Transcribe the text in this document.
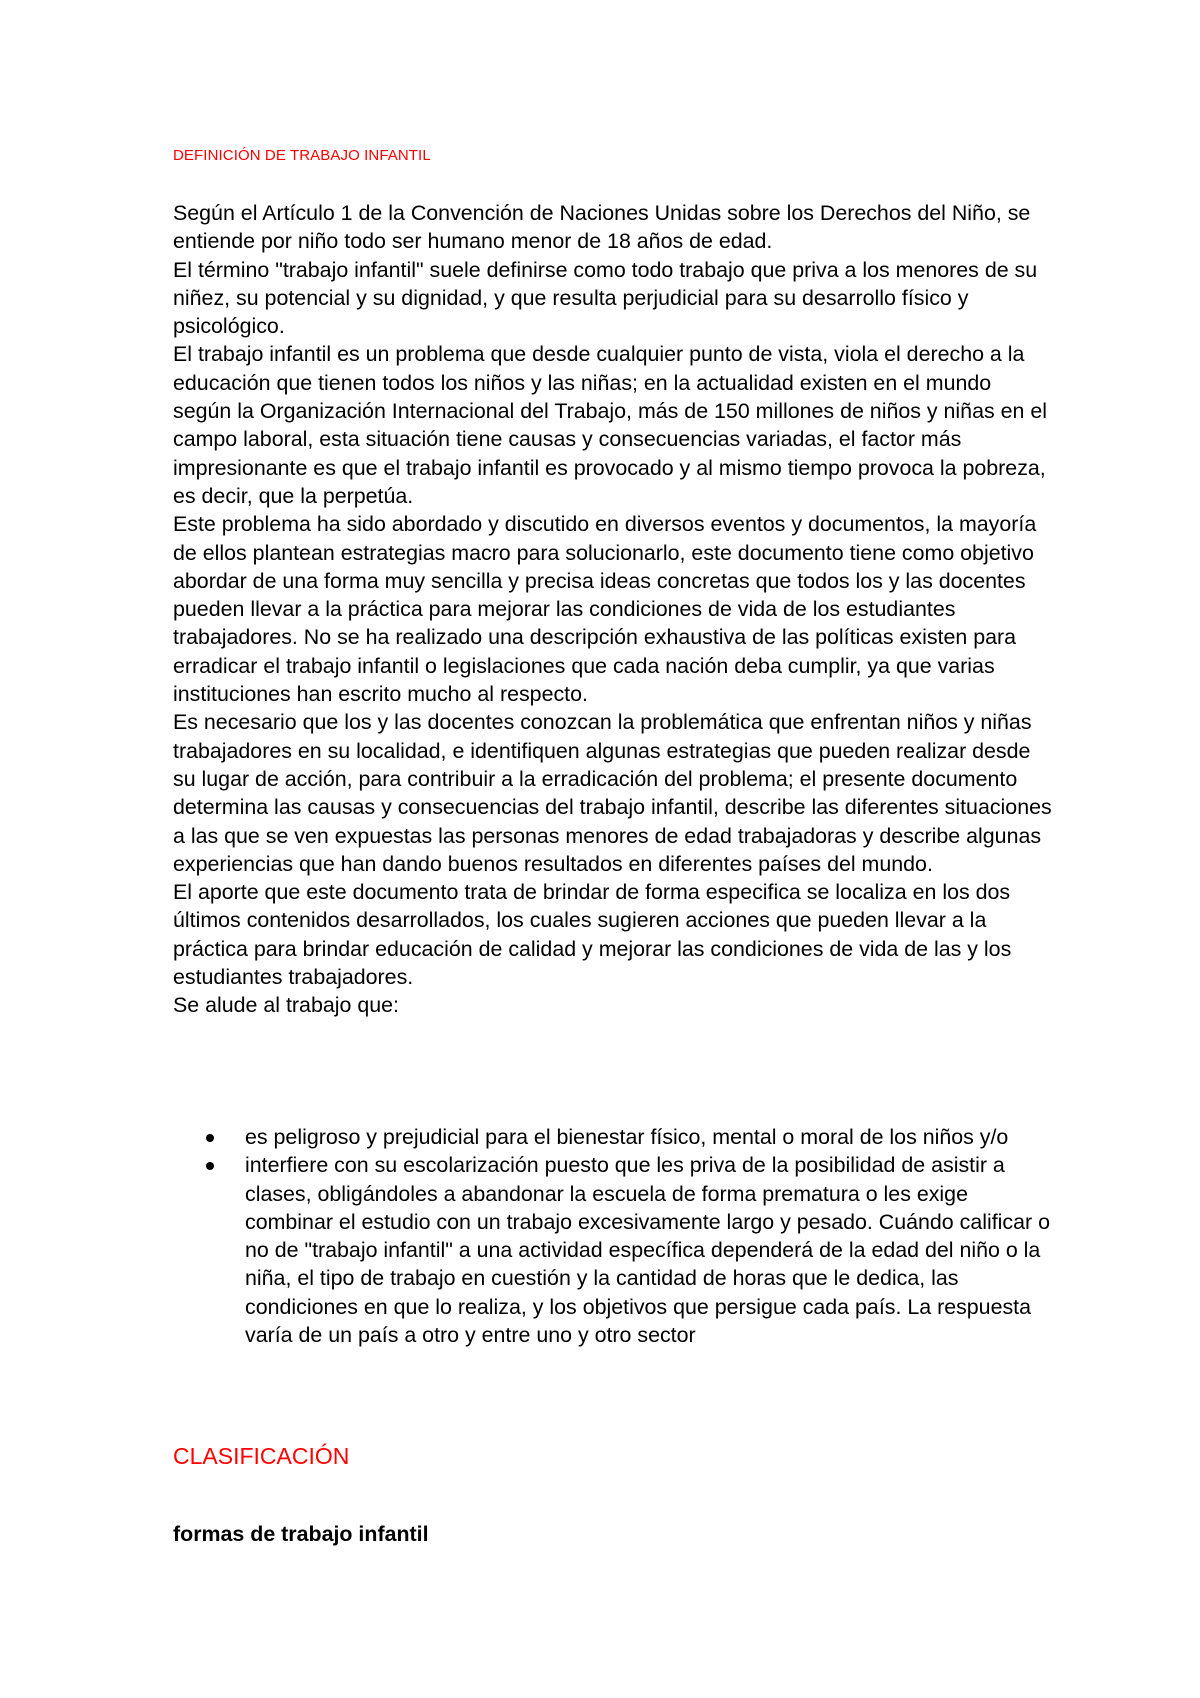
DEFINICIÓN DE TRABAJO INFANTIL

Según el Artículo 1 de la Convención de Naciones Unidas sobre los Derechos del Niño, se entiende por niño todo ser humano menor de 18 años de edad.

El término "trabajo infantil" suele definirse como todo trabajo que priva a los menores de su niñez, su potencial y su dignidad, y que resulta perjudicial para su desarrollo físico y psicológico.

El trabajo infantil es un problema que desde cualquier punto de vista, viola el derecho a la educación que tienen todos los niños y las niñas; en la actualidad existen en el mundo según la Organización Internacional del Trabajo, más de 150 millones de niños y niñas en el campo laboral, esta situación tiene causas y consecuencias variadas, el factor más impresionante es que el trabajo infantil es provocado y al mismo tiempo provoca la pobreza, es decir, que la perpetúa.

Este problema ha sido abordado y discutido en diversos eventos y documentos, la mayoría de ellos plantean estrategias macro para solucionarlo, este documento tiene como objetivo abordar de una forma muy sencilla y precisa ideas concretas que todos los y las docentes pueden llevar a la práctica para mejorar las condiciones de vida de los estudiantes trabajadores. No se ha realizado una descripción exhaustiva de las políticas existen para erradicar el trabajo infantil o legislaciones que cada nación deba cumplir, ya que varias instituciones han escrito mucho al respecto.

Es necesario que los y las docentes conozcan la problemática que enfrentan niños y niñas trabajadores en su localidad, e identifiquen algunas estrategias que pueden realizar desde su lugar de acción, para contribuir a la erradicación del problema; el presente documento determina las causas y consecuencias del trabajo infantil, describe las diferentes situaciones a las que se ven expuestas las personas menores de edad trabajadoras y describe algunas experiencias que han dando buenos resultados en diferentes países del mundo.

El aporte que este documento trata de brindar de forma especifica se localiza en los dos últimos contenidos desarrollados, los cuales sugieren acciones que pueden llevar a la práctica para brindar educación de calidad y mejorar las condiciones de vida de las y los estudiantes trabajadores.

Se alude al trabajo que:

es peligroso y prejudicial para el bienestar físico, mental o moral de los niños y/o
interfiere con su escolarización puesto que les priva de la posibilidad de asistir a clases, obligándoles a abandonar la escuela de forma prematura o les exige combinar el estudio con un trabajo excesivamente largo y pesado. Cuándo calificar o no de "trabajo infantil" a una actividad específica dependerá de la edad del niño o la niña, el tipo de trabajo en cuestión y la cantidad de horas que le dedica, las condiciones en que lo realiza, y los objetivos que persigue cada país. La respuesta varía de un país a otro y entre uno y otro sector
CLASIFICACIÓN
formas de trabajo infantil
